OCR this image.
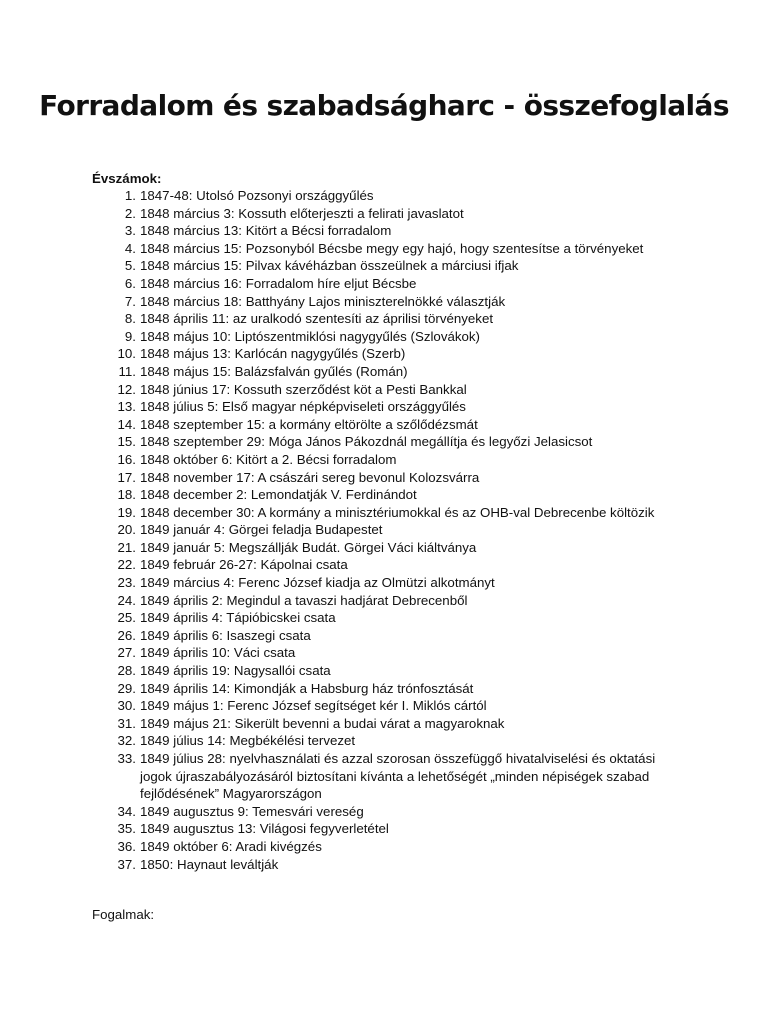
Forradalom és szabadságharc - összefoglalás
Évszámok:
1. 1847-48: Utolsó Pozsonyi országgyűlés
2. 1848 március 3: Kossuth előterjeszti a felirati javaslatot
3. 1848 március 13: Kitört a Bécsi forradalom
4. 1848 március 15: Pozsonyból Bécsbe megy egy hajó, hogy szentesítse a törvényeket
5. 1848 március 15: Pilvax kávéházban összeülnek a márciusi ifjak
6. 1848 március 16: Forradalom híre eljut Bécsbe
7. 1848 március 18: Batthyány Lajos miniszterelnökké választják
8. 1848 április 11: az uralkodó szentesíti az áprilisi törvényeket
9. 1848 május 10: Liptószentmiklósi nagygyűlés (Szlovákok)
10. 1848 május 13: Karlócán nagygyűlés (Szerb)
11. 1848 május 15: Balázsfalván gyűlés (Román)
12. 1848 június 17: Kossuth szerződést köt a Pesti Bankkal
13. 1848 július 5: Első magyar népképviseleti országgyűlés
14. 1848 szeptember 15: a kormány eltörölte a szőlődézsmát
15. 1848 szeptember 29: Móga János Pákozdnál megállítja és legyőzi Jelasicsot
16. 1848 október 6: Kitört a 2. Bécsi forradalom
17. 1848 november 17: A császári sereg bevonul Kolozsvárra
18. 1848 december 2: Lemondatják V. Ferdinándot
19. 1848 december 30: A kormány a minisztériumokkal és az OHB-val Debrecenbe költözik
20. 1849 január 4: Görgei feladja Budapestet
21. 1849 január 5: Megszállják Budát. Görgei Váci kiáltványa
22. 1849 február 26-27: Kápolnai csata
23. 1849 március 4: Ferenc József kiadja az Olmützi alkotmányt
24. 1849 április 2: Megindul a tavaszi hadjárat Debrecenből
25. 1849 április 4: Tápióbicskei csata
26. 1849 április 6: Isaszegi csata
27. 1849 április 10: Váci csata
28. 1849 április 19: Nagysallói csata
29. 1849 április 14: Kimondják a Habsburg ház trónfosztását
30. 1849 május 1: Ferenc József segítséget kér I. Miklós cártól
31. 1849 május 21: Sikerült bevenni a budai várat a magyaroknak
32. 1849 július 14: Megbékélési tervezet
33. 1849 július 28: nyelvhasználati és azzal szorosan összefüggő hivatalviselési és oktatási jogok újraszabályozásáról biztosítani kívánta a lehetőségét „minden népiségek szabad fejlődésének” Magyarországon
34. 1849 augusztus 9: Temesvári vereség
35. 1849 augusztus 13: Világosi fegyverletétel
36. 1849 október 6: Aradi kivégzés
37. 1850: Haynaut leváltják
Fogalmak:
